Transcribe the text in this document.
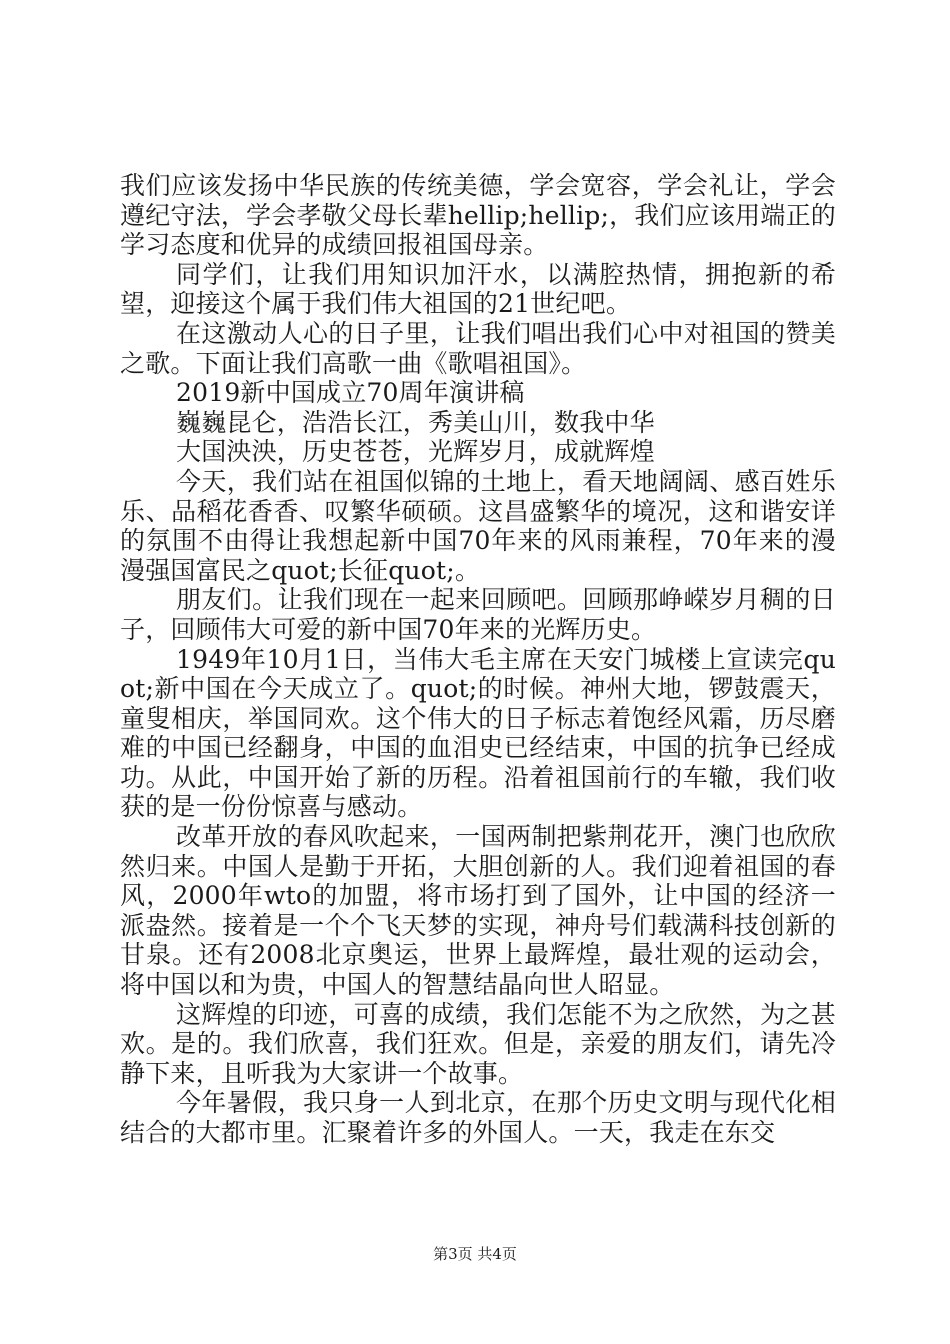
我们应该发扬中华民族的传统美德，学会宽容，学会礼让，学会遵纪守法，学会孝敬父母长辈hellip;hellip;，我们应该用端正的学习态度和优异的成绩回报祖国母亲。

同学们，让我们用知识加汗水，以满腔热情，拥抱新的希望，迎接这个属于我们伟大祖国的21世纪吧。

在这激动人心的日子里，让我们唱出我们心中对祖国的赞美之歌。下面让我们高歌一曲《歌唱祖国》。

2019新中国成立70周年演讲稿

巍巍昆仑，浩浩长江，秀美山川，数我中华

大国泱泱，历史苍苍，光辉岁月，成就辉煌

今天，我们站在祖国似锦的土地上，看天地阔阔、感百姓乐乐、品稻花香香、叹繁华硕硕。这昌盛繁华的境况，这和谐安详的氛围不由得让我想起新中国70年来的风雨兼程，70年来的漫漫强国富民之quot;长征quot;。

朋友们。让我们现在一起来回顾吧。回顾那峥嵘岁月稠的日子，回顾伟大可爱的新中国70年来的光辉历史。

1949年10月1日，当伟大毛主席在天安门城楼上宣读完quot;新中国在今天成立了。quot;的时候。神州大地，锣鼓震天，童叟相庆，举国同欢。这个伟大的日子标志着饱经风霜，历尽磨难的中国已经翻身，中国的血泪史已经结束，中国的抗争已经成功。从此，中国开始了新的历程。沿着祖国前行的车辙，我们收获的是一份份惊喜与感动。

改革开放的春风吹起来，一国两制把紫荆花开，澳门也欣欣然归来。中国人是勤于开拓，大胆创新的人。我们迎着祖国的春风，2000年wto的加盟，将市场打到了国外，让中国的经济一派盎然。接着是一个个飞天梦的实现，神舟号们载满科技创新的甘泉。还有2008北京奥运，世界上最辉煌，最壮观的运动会，将中国以和为贵，中国人的智慧结晶向世人昭显。

这辉煌的印迹，可喜的成绩，我们怎能不为之欣然，为之甚欢。是的。我们欣喜，我们狂欢。但是，亲爱的朋友们，请先冷静下来，且听我为大家讲一个故事。

今年暑假，我只身一人到北京，在那个历史文明与现代化相结合的大都市里。汇聚着许多的外国人。一天，我走在东交

第3页 共4页
